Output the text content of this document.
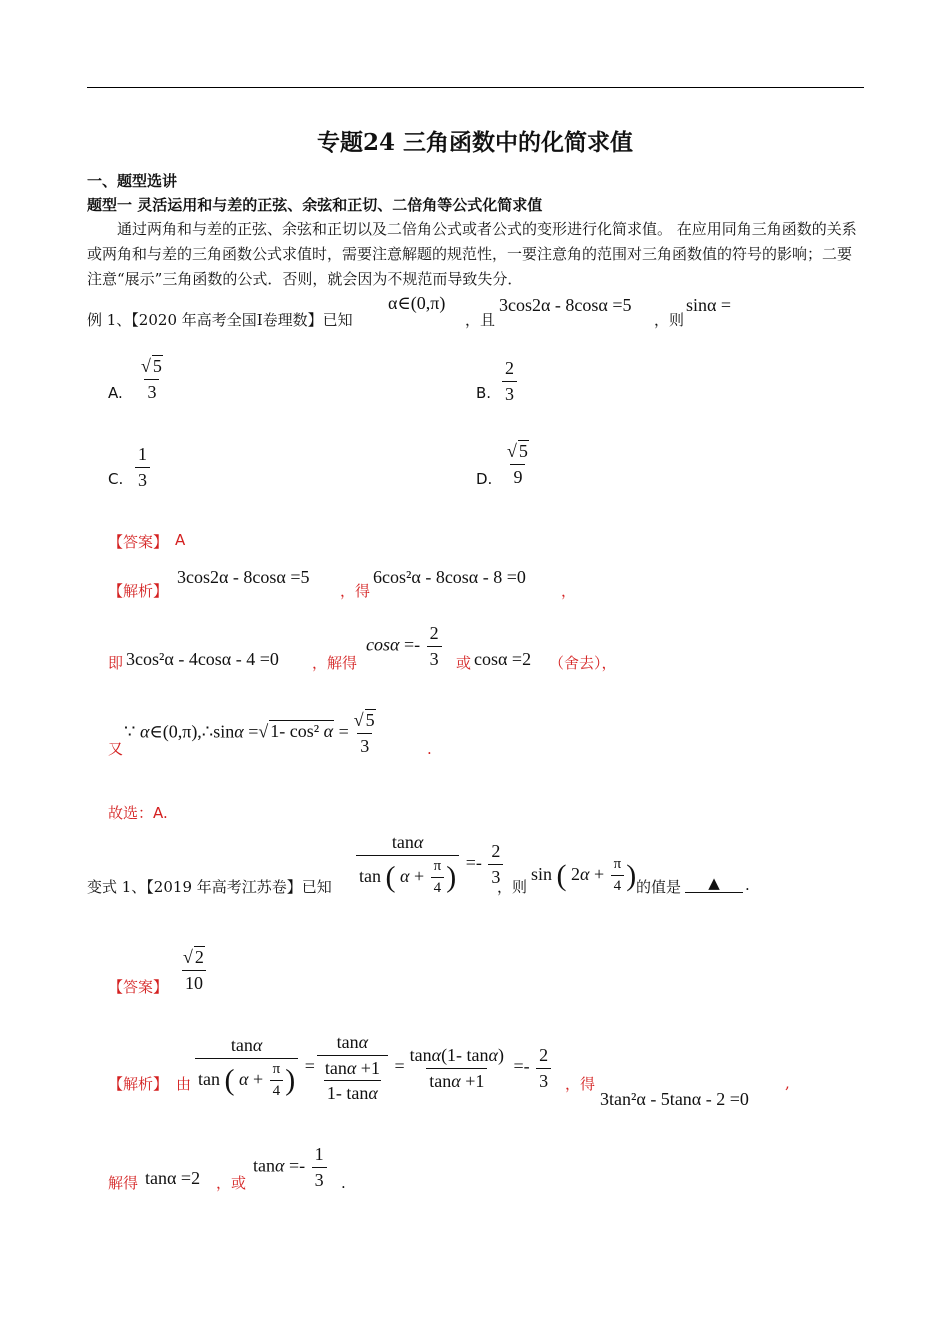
专题24 三角函数中的化简求值
一、题型选讲
题型一 灵活运用和与差的正弦、余弦和正切、二倍角等公式化简求值
通过两角和与差的正弦、余弦和正切以及二倍角公式或者公式的变形进行化简求值。 在应用同角三角函数的关系或两角和与差的三角函数公式求值时，需要注意解题的规范性，一要注意角的范围对三角函数值的符号的影响；二要注意“展示”三角函数的公式．否则，就会因为不规范而导致失分．
例 1、【2020 年高考全国Ⅰ卷理数】已知
α∈(0,π)
，且
3cos2α - 8cosα =5
，则
sinα =
A. $\frac{√ 5}{3}$	B. $\frac{2}{3}$
C. $\frac{1}{3}$	D. $\frac{√ 5}{9}$
【答案】 A
【解析】
3cos2α - 8cosα =5
，得
6cos²α - 8cosα - 8 =0
，
即 3cos²α - 4cosα - 4 =0 ，解得
$\cos\alpha =- \frac{2}{3}$ 或 cosα =2 （舍去），
又
∵ α∈(0,π),∴sinα =√ 1- cos² $\alpha = \frac{√ 5}{3}$	.
故选：A.
变式 1、【2019 年高考江苏卷】已知 $\frac{\tan\alpha}{\tan ( \alpha + \frac{\pi}{4} )} =- \frac{2}{3}$
，则
sin ( $2\alpha + \frac{\pi}{4}$ ) 的值是	▲	.
【答案】 $\frac{√ 2}{10}$
【解析】 由 $\frac{\tan\alpha}{\tan ( \alpha + \frac{\pi}{4} )} = \frac{\tan\alpha}{\frac{\tan\alpha +1}{1- \tan\alpha}} = \frac{\tan\alpha(1- \tan\alpha)}{\tan\alpha +1} =- \frac{2}{3}$ ，得
3tan²α - 5tanα - 2 =0
,
解得 tanα =2 ，或
$\tan\alpha =- \frac{1}{3}$ .
